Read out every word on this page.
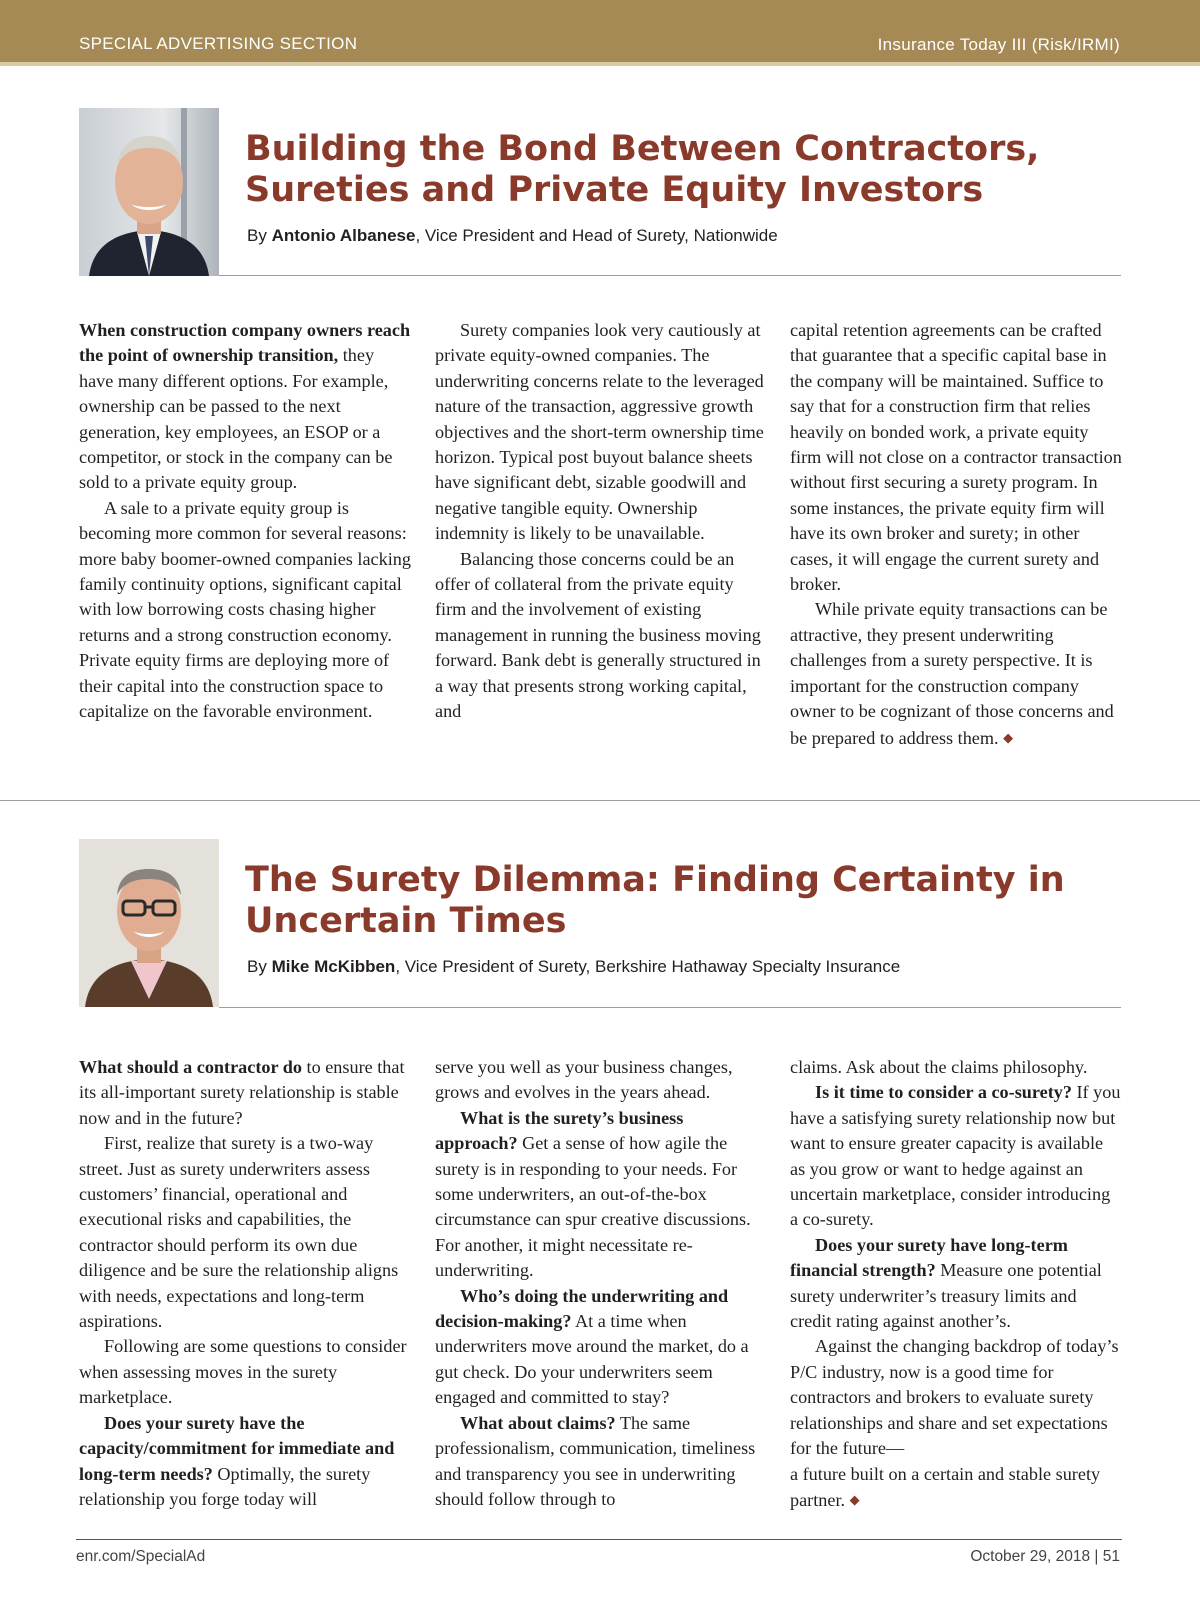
SPECIAL ADVERTISING SECTION	Insurance Today III (Risk/IRMI)
Building the Bond Between Contractors,
Sureties and Private Equity Investors

By Antonio Albanese, Vice President and Head of Surety, Nationwide

When construction company owners reach the point of ownership transition, they have many different options. For example, ownership can be passed to the next generation, key employees, an ESOP or a competitor, or stock in the company can be sold to a private equity group.

A sale to a private equity group is becoming more common for several reasons: more baby boomer-owned companies lacking family continuity options, significant capital with low borrowing costs chasing higher returns and a strong construction economy. Private equity firms are deploying more of their capital into the construction space to capitalize on the favorable environment.

Surety companies look very cautiously at private equity-owned companies. The underwriting concerns relate to the leveraged nature of the transaction, aggressive growth objectives and the short-term ownership time horizon. Typical post buyout balance sheets have significant debt, sizable goodwill and negative tangible equity. Ownership indemnity is likely to be unavailable.

Balancing those concerns could be an offer of collateral from the private equity firm and the involvement of existing management in running the business moving forward. Bank debt is generally structured in a way that presents strong working capital, and

capital retention agreements can be crafted that guarantee that a specific capital base in the company will be maintained. Suffice to say that for a construction firm that relies heavily on bonded work, a private equity firm will not close on a contractor transaction without first securing a surety program. In some instances, the private equity firm will have its own broker and surety; in other cases, it will engage the current surety and broker.

While private equity transactions can be attractive, they present underwriting challenges from a surety perspective. It is important for the construction company owner to be cognizant of those concerns and be prepared to address them. ◆

The Surety Dilemma: Finding Certainty in
Uncertain Times

By Mike McKibben, Vice President of Surety, Berkshire Hathaway Specialty Insurance

What should a contractor do to ensure that its all-important surety relationship is stable now and in the future?

First, realize that surety is a two-way street. Just as surety underwriters assess customers’ financial, operational and executional risks and capabilities, the contractor should perform its own due diligence and be sure the relationship aligns with needs, expectations and long-term aspirations.

Following are some questions to consider when assessing moves in the surety marketplace.

Does your surety have the capacity/commitment for immediate and long-term needs? Optimally, the surety relationship you forge today will

serve you well as your business changes, grows and evolves in the years ahead.

What is the surety’s business approach? Get a sense of how agile the surety is in responding to your needs. For some underwriters, an out-of-the-box circumstance can spur creative discussions. For another, it might necessitate re-underwriting.

Who’s doing the underwriting and decision-making? At a time when underwriters move around the market, do a gut check. Do your underwriters seem engaged and committed to stay?

What about claims? The same professionalism, communication, timeliness and transparency you see in underwriting should follow through to

claims. Ask about the claims philosophy.

Is it time to consider a co-surety? If you have a satisfying surety relationship now but want to ensure greater capacity is available as you grow or want to hedge against an uncertain marketplace, consider introducing a co-surety.

Does your surety have long-term financial strength? Measure one potential surety underwriter’s treasury limits and credit rating against another’s.

Against the changing backdrop of today’s P/C industry, now is a good time for contractors and brokers to evaluate surety relationships and share and set expectations for the future—

a future built on a certain and stable surety partner. ◆

enr.com/SpecialAd	October 29, 2018 | 51
